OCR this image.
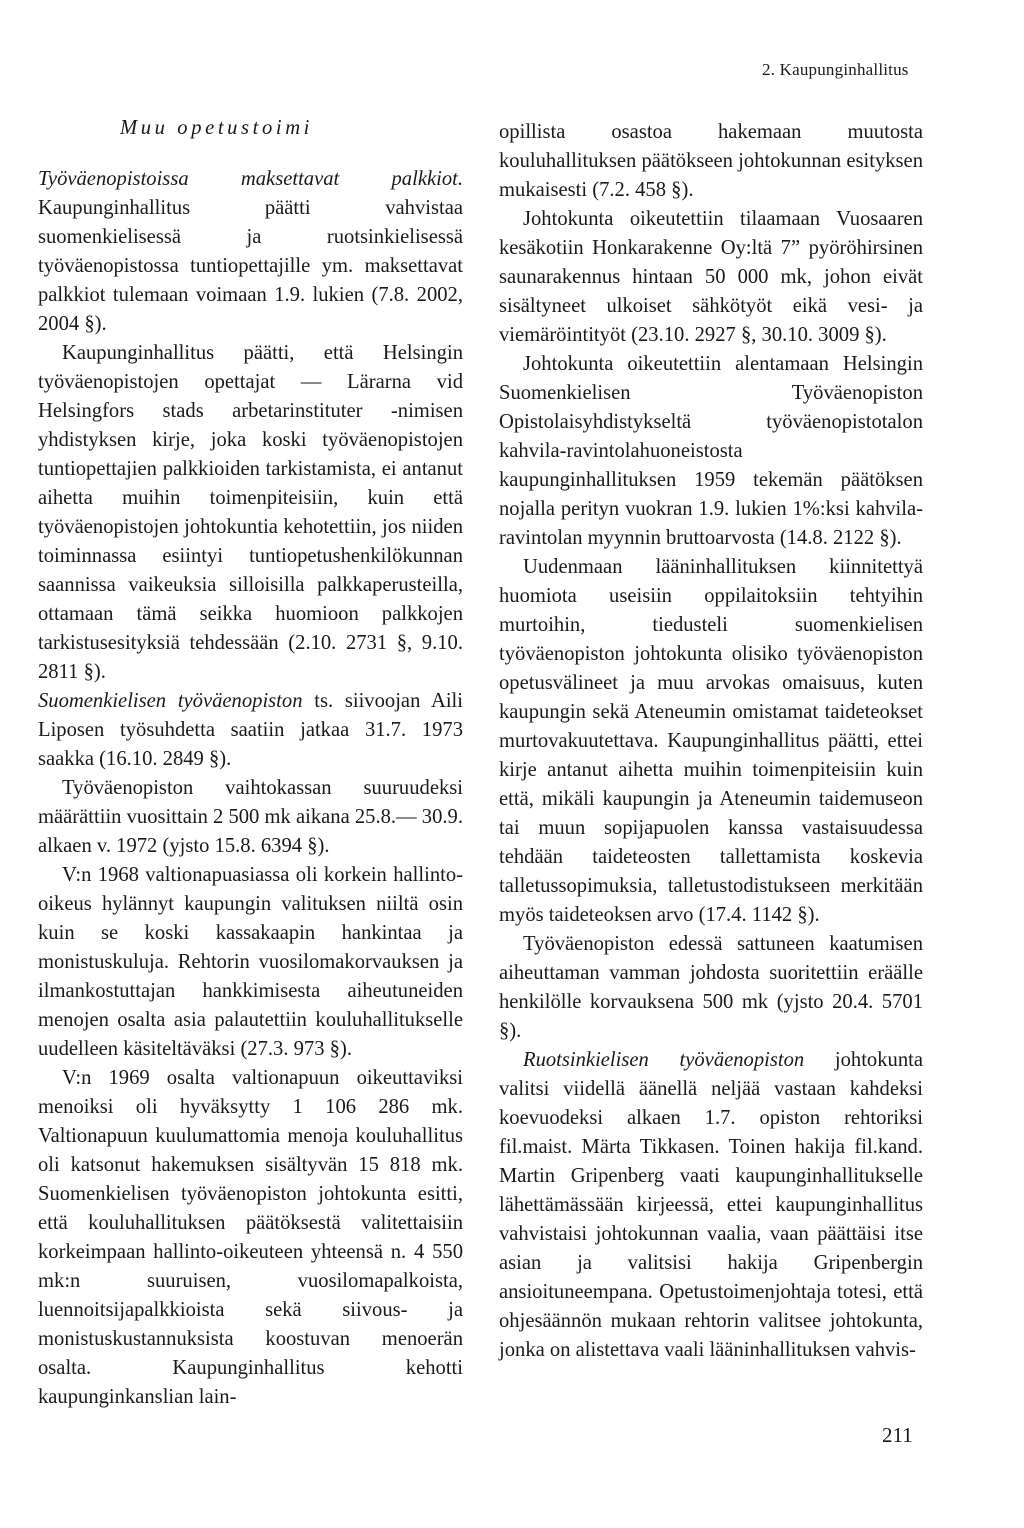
2. Kaupunginhallitus

Muu opetustoimi

Työväenopistoissa maksettavat palkkiot. Kaupunginhallitus päätti vahvistaa suomenkielisessä ja ruotsinkielisessä työväenopistossa tuntiopettajille ym. maksettavat palkkiot tulemaan voimaan 1.9. lukien (7.8. 2002, 2004 §).

Kaupunginhallitus päätti, että Helsingin työväenopistojen opettajat — Lärarna vid Helsingfors stads arbetarinstituter -nimisen yhdistyksen kirje, joka koski työväenopistojen tuntiopettajien palkkioiden tarkistamista, ei antanut aihetta muihin toimenpiteisiin, kuin että työväenopistojen johtokuntia kehotettiin, jos niiden toiminnassa esiintyi tuntiopetushenkilökunnan saannissa vaikeuksia silloisilla palkkaperusteilla, ottamaan tämä seikka huomioon palkkojen tarkistusesityksiä tehdessään (2.10. 2731 §, 9.10. 2811 §).

Suomenkielisen työväenopiston ts. siivoojan Aili Liposen työsuhdetta saatiin jatkaa 31.7. 1973 saakka (16.10. 2849 §).

Työväenopiston vaihtokassan suuruudeksi määrättiin vuosittain 2 500 mk aikana 25.8.— 30.9. alkaen v. 1972 (yjsto 15.8. 6394 §).

V:n 1968 valtionapuasiassa oli korkein hallinto-oikeus hylännyt kaupungin valituksen niiltä osin kuin se koski kassakaapin hankintaa ja monistuskuluja. Rehtorin vuosilomakorvauksen ja ilmankostuttajan hankkimisesta aiheutuneiden menojen osalta asia palautettiin kouluhallitukselle uudelleen käsiteltäväksi (27.3. 973 §).

V:n 1969 osalta valtionapuun oikeuttaviksi menoiksi oli hyväksytty 1 106 286 mk. Valtionapuun kuulumattomia menoja kouluhallitus oli katsonut hakemuksen sisältyvän 15 818 mk. Suomenkielisen työväenopiston johtokunta esitti, että kouluhallituksen päätöksestä valitettaisiin korkeimpaan hallinto-oikeuteen yhteensä n. 4 550 mk:n suuruisen, vuosilomapalkoista, luennoitsijapalkkioista sekä siivous- ja monistuskustannuksista koostuvan menoerän osalta. Kaupunginhallitus kehotti kaupunginkanslian lain-

opillista osastoa hakemaan muutosta kouluhallituksen päätökseen johtokunnan esityksen mukaisesti (7.2. 458 §).

Johtokunta oikeutettiin tilaamaan Vuosaaren kesäkotiin Honkarakenne Oy:ltä 7” pyöröhirsinen saunarakennus hintaan 50 000 mk, johon eivät sisältyneet ulkoiset sähkötyöt eikä vesi- ja viemäröintityöt (23.10. 2927 §, 30.10. 3009 §).

Johtokunta oikeutettiin alentamaan Helsingin Suomenkielisen Työväenopiston Opistolaisyhdistykseltä työväenopistotalon kahvila-ravintolahuoneistosta kaupunginhallituksen 1959 tekemän päätöksen nojalla perityn vuokran 1.9. lukien 1%:ksi kahvila-ravintolan myynnin bruttoarvosta (14.8. 2122 §).

Uudenmaan lääninhallituksen kiinnitettyä huomiota useisiin oppilaitoksiin tehtyihin murtoihin, tiedusteli suomenkielisen työväenopiston johtokunta olisiko työväenopiston opetusvälineet ja muu arvokas omaisuus, kuten kaupungin sekä Ateneumin omistamat taideteokset murtovakuutettava. Kaupunginhallitus päätti, ettei kirje antanut aihetta muihin toimenpiteisiin kuin että, mikäli kaupungin ja Ateneumin taidemuseon tai muun sopijapuolen kanssa vastaisuudessa tehdään taideteosten tallettamista koskevia talletussopimuksia, talletustodistukseen merkitään myös taideteoksen arvo (17.4. 1142 §).

Työväenopiston edessä sattuneen kaatumisen aiheuttaman vamman johdosta suoritettiin eräälle henkilölle korvauksena 500 mk (yjsto 20.4. 5701 §).

Ruotsinkielisen työväenopiston johtokunta valitsi viidellä äänellä neljää vastaan kahdeksi koevuodeksi alkaen 1.7. opiston rehtoriksi fil.maist. Märta Tikkasen. Toinen hakija fil.kand. Martin Gripenberg vaati kaupunginhallitukselle lähettämässään kirjeessä, ettei kaupunginhallitus vahvistaisi johtokunnan vaalia, vaan päättäisi itse asian ja valitsisi hakija Gripenbergin ansioituneempana. Opetustoimenjohtaja totesi, että ohjesäännön mukaan rehtorin valitsee johtokunta, jonka on alistettava vaali lääninhallituksen vahvis-

211
